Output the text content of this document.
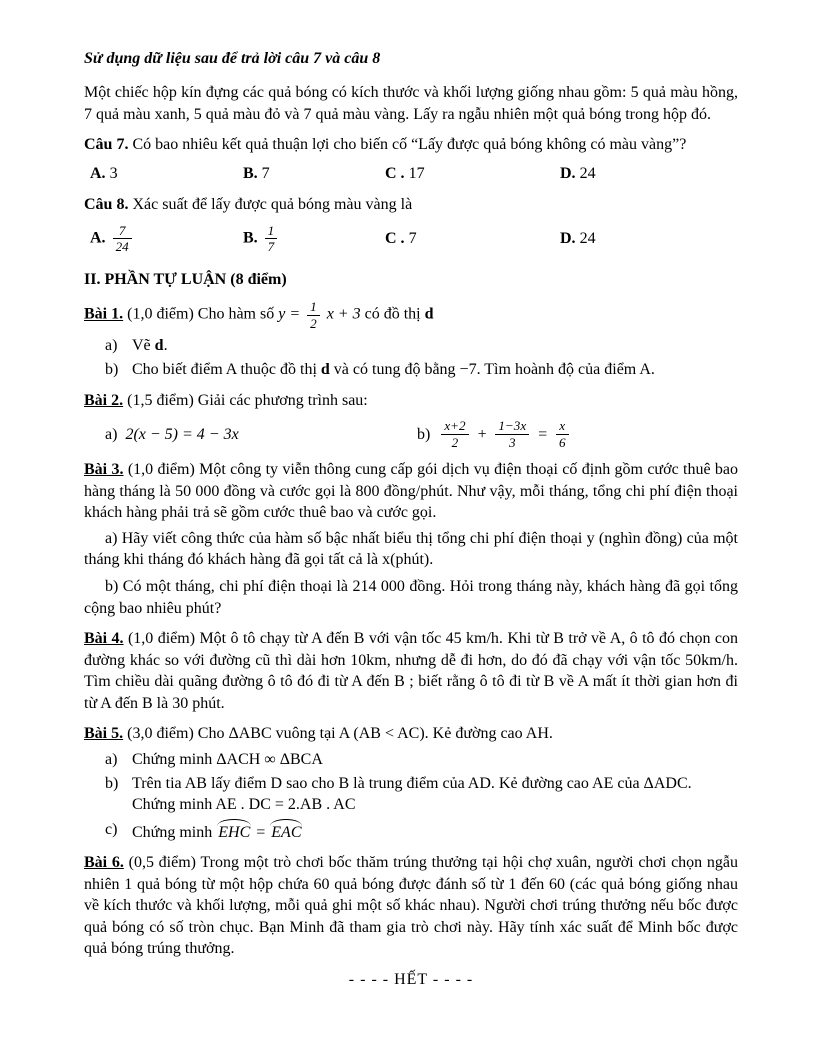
Sử dụng dữ liệu sau để trả lời câu 7 và câu 8

Một chiếc hộp kín đựng các quả bóng có kích thước và khối lượng giống nhau gồm: 5 quả màu hồng, 7 quả màu xanh, 5 quả màu đỏ và 7 quả màu vàng. Lấy ra ngẫu nhiên một quả bóng trong hộp đó.

Câu 7. Có bao nhiêu kết quả thuận lợi cho biến cố “Lấy được quả bóng không có màu vàng”?

A. 3	B. 7	C . 17	D. 24

Câu 8. Xác suất để lấy được quả bóng màu vàng là

A. $\frac{7}{24}$	B. $\frac{1}{7}$	C . 7	D. 24

II. PHẦN TỰ LUẬN (8 điểm)

Bài 1. (1,0 điểm) Cho hàm số $y = \frac{1}{2}$ x + 3 có đồ thị d

a) Vẽ d.
b) Cho biết điểm A thuộc đồ thị d và có tung độ bằng −7. Tìm hoành độ của điểm A.

Bài 2. (1,5 điểm) Giải các phương trình sau:

a) 2(x − 5) = 4 − 3x	$b) \frac{x+2}{2} + \frac{1-3x}{3} = \frac{x}{6}$

Bài 3. (1,0 điểm) Một công ty viễn thông cung cấp gói dịch vụ điện thoại cố định gồm cước thuê bao hàng tháng là 50 000 đồng và cước gọi là 800 đồng/phút. Như vậy, mỗi tháng, tổng chi phí điện thoại khách hàng phải trả sẽ gồm cước thuê bao và cước gọi.

a) Hãy viết công thức của hàm số bậc nhất biểu thị tổng chi phí điện thoại y (nghìn đồng) của một tháng khi tháng đó khách hàng đã gọi tất cả là x(phút).

b) Có một tháng, chi phí điện thoại là 214 000 đồng. Hỏi trong tháng này, khách hàng đã gọi tổng cộng bao nhiêu phút?

Bài 4. (1,0 điểm) Một ô tô chạy từ A đến B với vận tốc 45 km/h. Khi từ B trở về A, ô tô đó chọn con đường khác so với đường cũ thì dài hơn 10km, nhưng dễ đi hơn, do đó đã chạy với vận tốc 50km/h. Tìm chiều dài quãng đường ô tô đó đi từ A đến B ; biết rằng ô tô đi từ B về A mất ít thời gian hơn đi từ A đến B là 30 phút.

Bài 5. (3,0 điểm) Cho ΔABC vuông tại A (AB < AC). Kẻ đường cao AH.

a) Chứng minh ΔACH ∞ ΔBCA
b) Trên tia AB lấy điểm D sao cho B là trung điểm của AD. Kẻ đường cao AE của ΔADC.
Chứng minh AE . DC = 2.AB . AC
c) Chứng minh EHC = EAC

Bài 6. (0,5 điểm) Trong một trò chơi bốc thăm trúng thưởng tại hội chợ xuân, người chơi chọn ngẫu nhiên 1 quả bóng từ một hộp chứa 60 quả bóng được đánh số từ 1 đến 60 (các quả bóng giống nhau về kích thước và khối lượng, mỗi quả ghi một số khác nhau). Người chơi trúng thưởng nếu bốc được quả bóng có số tròn chục. Bạn Minh đã tham gia trò chơi này. Hãy tính xác suất để Minh bốc được quả bóng trúng thưởng.

- - - - HẾT - - - -
